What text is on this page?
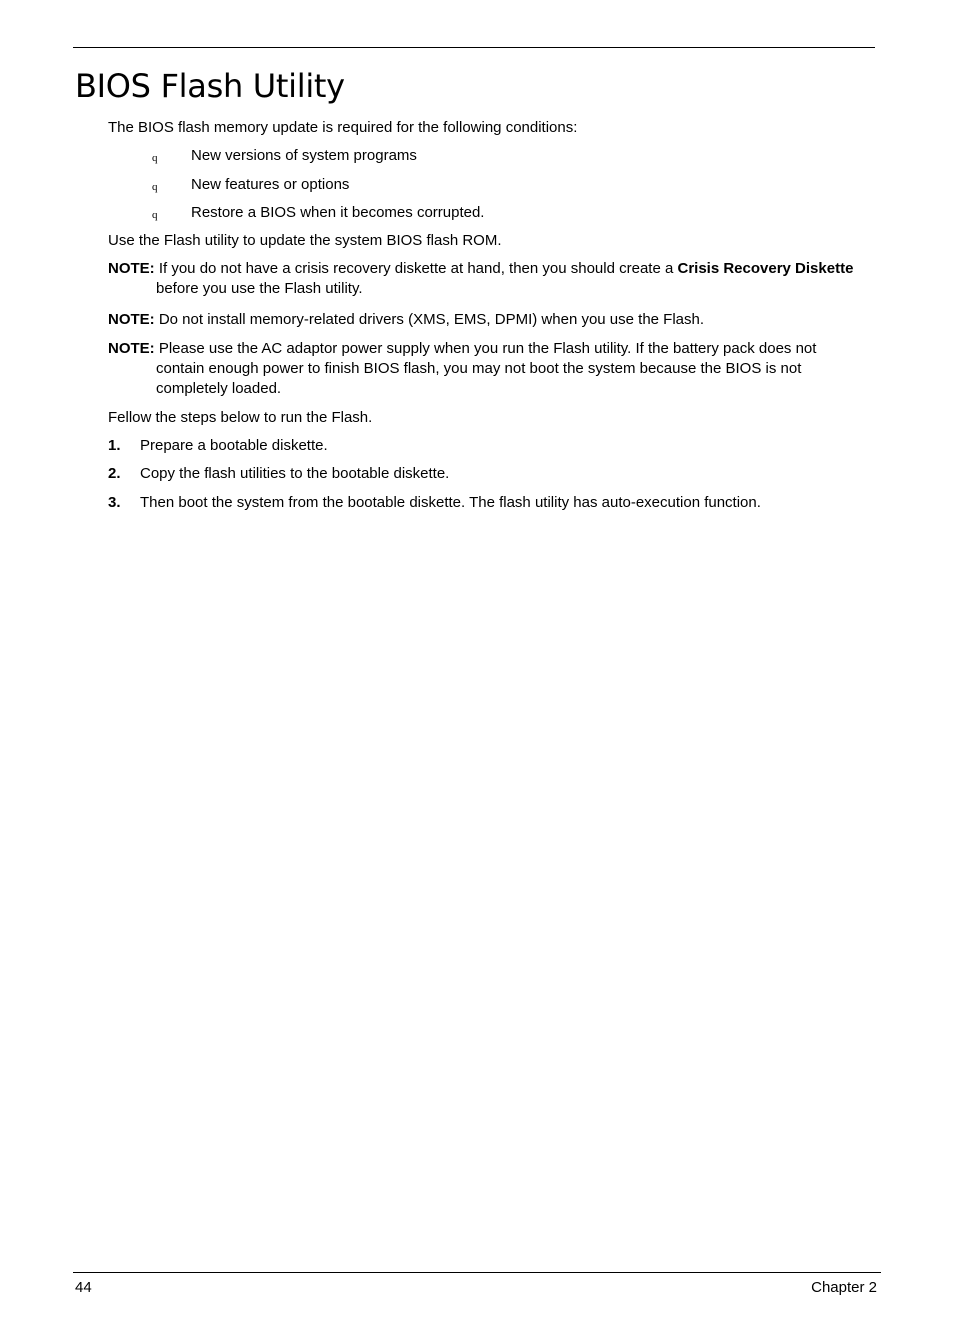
BIOS Flash Utility

The BIOS flash memory update is required for the following conditions:

q New versions of system programs
q New features or options
q Restore a BIOS when it becomes corrupted.

Use the Flash utility to update the system BIOS flash ROM.

NOTE: If you do not have a crisis recovery diskette at hand, then you should create a Crisis Recovery Diskette before you use the Flash utility.
NOTE: Do not install memory-related drivers (XMS, EMS, DPMI) when you use the Flash.
NOTE: Please use the AC adaptor power supply when you run the Flash utility. If the battery pack does not contain enough power to finish BIOS flash, you may not boot the system because the BIOS is not completely loaded.

Fellow the steps below to run the Flash.

1. Prepare a bootable diskette.
2. Copy the flash utilities to the bootable diskette.
3. Then boot the system from the bootable diskette. The flash utility has auto-execution function.
44	Chapter 2
